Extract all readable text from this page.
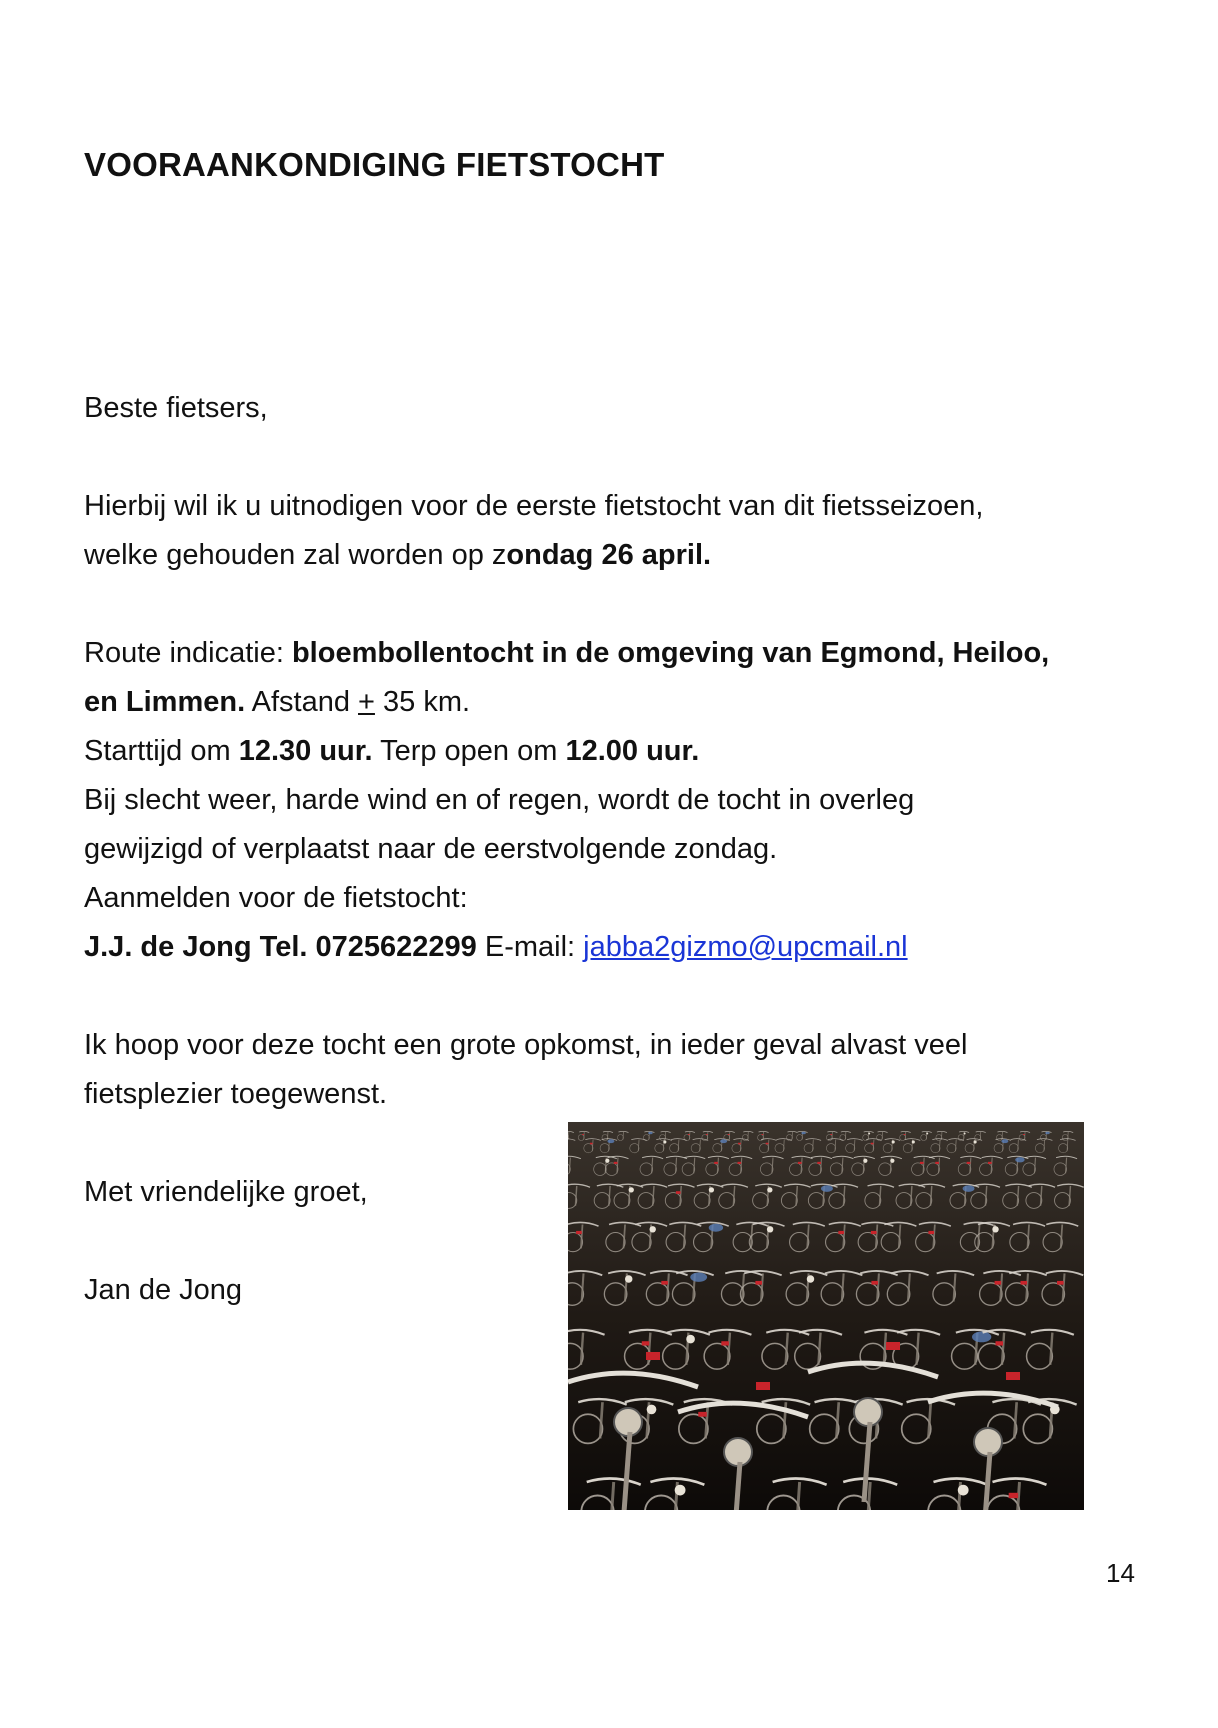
VOORAANKONDIGING FIETSTOCHT
Beste fietsers,
Hierbij wil ik u uitnodigen voor de eerste fietstocht van dit fietsseizoen,
welke gehouden zal worden op zondag 26 april.
Route indicatie: bloembollentocht in de omgeving van Egmond, Heiloo,
en Limmen. Afstand + 35 km.
Starttijd om 12.30 uur. Terp open om 12.00 uur.
Bij slecht weer, harde wind en of regen, wordt de tocht in overleg
gewijzigd of verplaatst naar de eerstvolgende zondag.
Aanmelden voor de fietstocht:
J.J. de Jong Tel. 0725622299 E-mail: jabba2gizmo@upcmail.nl
Ik hoop voor deze tocht een grote opkomst, in ieder geval alvast veel
fietsplezier toegewenst.
Met vriendelijke groet,
Jan de Jong
14
